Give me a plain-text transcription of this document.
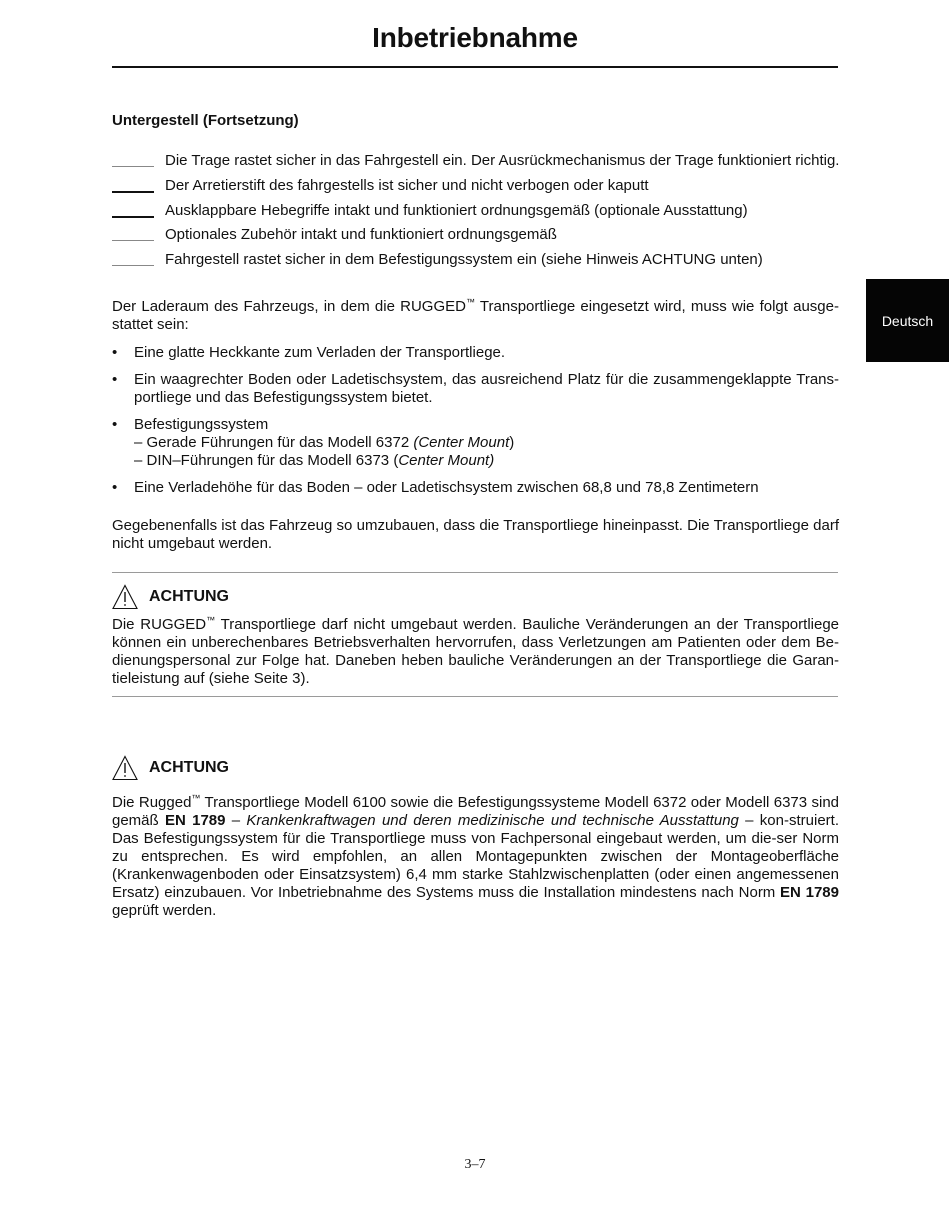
Inbetriebnahme
Untergestell (Fortsetzung)
Die Trage rastet sicher in das Fahrgestell ein. Der Ausrückmechanismus der Trage funktioniert richtig.
Der Arretierstift des fahrgestells ist sicher und nicht verbogen oder kaputt
Ausklappbare Hebegriffe intakt und funktioniert ordnungsgemäß (optionale Ausstattung)
Optionales Zubehör intakt und funktioniert ordnungsgemäß
Fahrgestell rastet sicher in dem Befestigungssystem ein (siehe Hinweis ACHTUNG unten)
Deutsch

Der Laderaum des Fahrzeugs, in dem die RUGGED™ Transportliege eingesetzt wird, muss wie folgt ausge-stattet sein:

• Eine glatte Heckkante zum Verladen der Transportliege.
• Ein waagrechter Boden oder Ladetischsystem, das ausreichend Platz für die zusammengeklappte Trans-portliege und das Befestigungssystem bietet.
• Befestigungssystem
– Gerade Führungen für das Modell 6372 (Center Mount)
– DIN–Führungen für das Modell 6373 (Center Mount)
• Eine Verladehöhe für das Boden – oder Ladetischsystem zwischen 68,8 und 78,8 Zentimetern

Gegebenenfalls ist das Fahrzeug so umzubauen, dass die Transportliege hineinpasst. Die Transportliege darf nicht umgebaut werden.

ACHTUNG

Die RUGGED™ Transportliege darf nicht umgebaut werden. Bauliche Veränderungen an der Transportliege können ein unberechenbares Betriebsverhalten hervorrufen, dass Verletzungen am Patienten oder dem Be-dienungspersonal zur Folge hat. Daneben heben bauliche Veränderungen an der Transportliege die Garan-tieleistung auf (siehe Seite 3).

ACHTUNG

Die Rugged™ Transportliege Modell 6100 sowie die Befestigungssysteme Modell 6372 oder Modell 6373 sind gemäß EN 1789 – Krankenkraftwagen und deren medizinische und technische Ausstattung – kon-struiert. Das Befestigungssystem für die Transportliege muss von Fachpersonal eingebaut werden, um die-ser Norm zu entsprechen. Es wird empfohlen, an allen Montagepunkten zwischen der Montageoberfläche (Krankenwagenboden oder Einsatzsystem) 6,4 mm starke Stahlzwischenplatten (oder einen angemessenen Ersatz) einzubauen. Vor Inbetriebnahme des Systems muss die Installation mindestens nach Norm EN 1789 geprüft werden.

3–7
